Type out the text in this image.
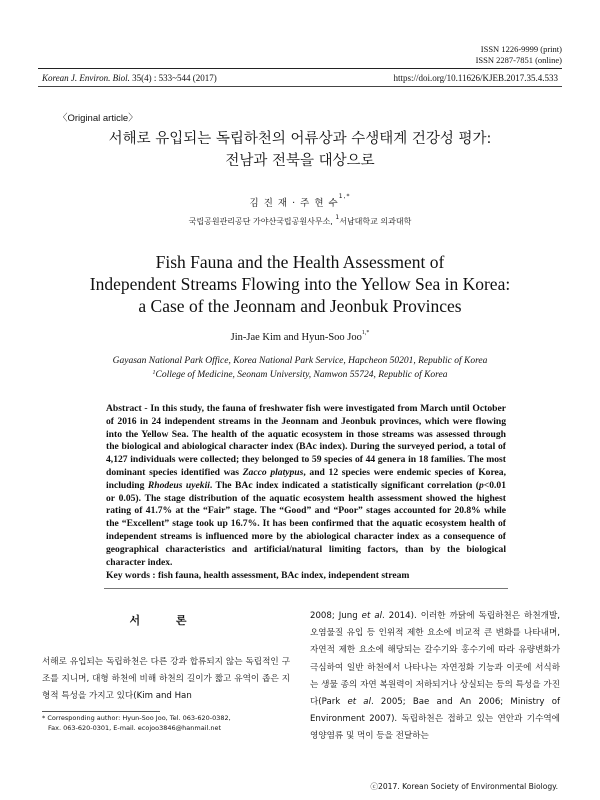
ISSN 1226-9999 (print)
ISSN 2287-7851 (online)
Korean J. Environ. Biol. 35(4) : 533~544 (2017)	https://doi.org/10.11626/KJEB.2017.35.4.533
〈Original article〉
서해로 유입되는 독립하천의 어류상과 수생태계 건강성 평가:
전남과 전북을 대상으로
김 진 재 · 주 현 수$^{1,*}$
국립공원관리공단 가야산국립공원사무소, $^1$서남대학교 의과대학
Fish Fauna and the Health Assessment of
Independent Streams Flowing into the Yellow Sea in Korea:
a Case of the Jeonnam and Jeonbuk Provinces
Jin-Jae Kim and Hyun-Soo Joo$^{1,*}$
Gayasan National Park Office, Korea National Park Service, Hapcheon 50201, Republic of Korea
$^1$College of Medicine, Seonam University, Namwon 55724, Republic of Korea
Abstract - In this study, the fauna of freshwater fish were investigated from March until October of 2016 in 24 independent streams in the Jeonnam and Jeonbuk provinces, which were flowing into the Yellow Sea. The health of the aquatic ecosystem in those streams was assessed through the biological and abiological character index (BAc index). During the surveyed period, a total of 4,127 individuals were collected; they belonged to 59 species of 44 genera in 18 families. The most dominant species identified was Zacco platypus, and 12 species were endemic species of Korea, including Rhodeus uyekii. The BAc index indicated a statistically significant correlation (p<0.01 or 0.05). The stage distribution of the aquatic ecosystem health assessment showed the highest rating of 41.7% at the “Fair” stage. The “Good” and “Poor” stages accounted for 20.8% while the “Excellent” stage took up 16.7%. It has been confirmed that the aquatic ecosystem health of independent streams is influenced more by the abiological character index as a consequence of geographical characteristics and artificial/natural limiting factors, than by the biological character index.
Key words : fish fauna, health assessment, BAc index, independent stream
서 론
서해로 유입되는 독립하천은 다른 강과 합류되지 않는 독립적인 구조를 지니며, 대형 하천에 비해 하천의 길이가 짧고 유역이 좁은 지형적 특성을 가지고 있다(Kim and Han
2008; Jung et al. 2014). 이러한 까닭에 독립하천은 하천개발, 오염물질 유입 등 인위적 제한 요소에 비교적 큰 변화를 나타내며, 자연적 제한 요소에 해당되는 갈수기와 홍수기에 따라 유량변화가 극심하여 일반 하천에서 나타나는 자연정화 기능과 이곳에 서식하는 생물 종의 자연 복원력이 저하되거나 상실되는 등의 특성을 가진다(Park et al. 2005; Bae and An 2006; Ministry of Environment 2007). 독립하천은 접하고 있는 연안과 기수역에 영양염류 및 먹이 등을 전달하는
* Corresponding author: Hyun-Soo Joo, Tel. 063-620-0382,
Fax. 063-620-0301, E-mail. ecojoo3846@hanmail.net
ⓒ2017. Korean Society of Environmental Biology.
